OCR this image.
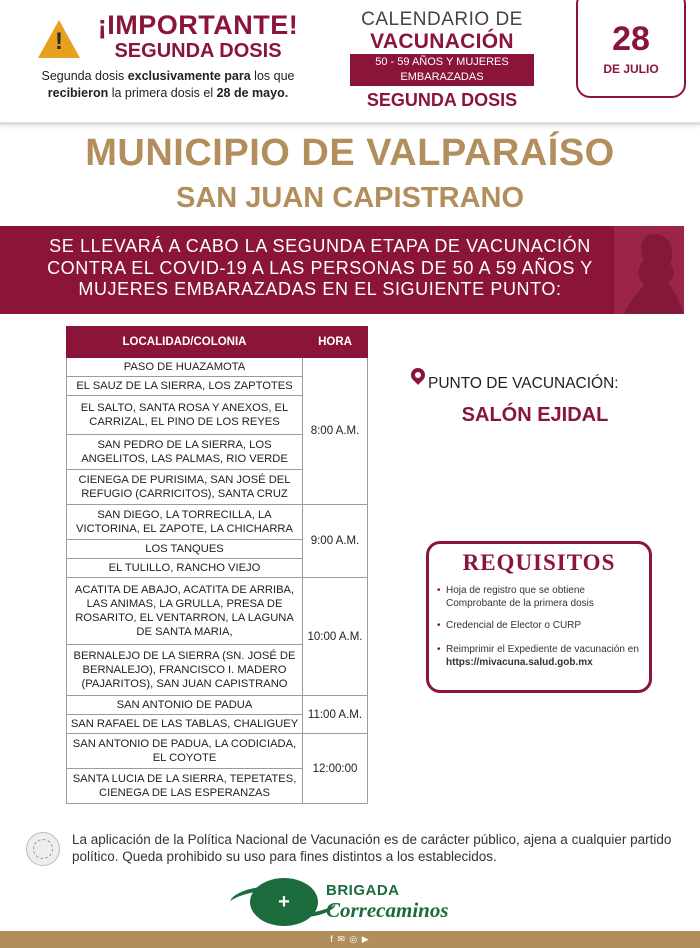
!
¡IMPORTANTE!
SEGUNDA DOSIS
Segunda dosis exclusivamente para los que
recibieron la primera dosis el 28 de mayo.
CALENDARIO DE
VACUNACIÓN
50 - 59 AÑOS Y MUJERES EMBARAZADAS
SEGUNDA DOSIS
28
DE JULIO
MUNICIPIO DE VALPARAÍSO
SAN JUAN CAPISTRANO
SE LLEVARÁ A CABO LA SEGUNDA ETAPA DE VACUNACIÓN CONTRA EL COVID-19 A LAS PERSONAS DE 50 A 59 AÑOS Y MUJERES EMBARAZADAS EN EL SIGUIENTE PUNTO:
LOCALIDAD/COLONIA	HORA
PASO DE HUAZAMOTA	8:00 A.M.
EL SAUZ DE LA SIERRA, LOS ZAPTOTES	
EL SALTO, SANTA ROSA Y ANEXOS, EL CARRIZAL, EL PINO DE LOS REYES	
SAN PEDRO DE LA SIERRA, LOS ANGELITOS, LAS PALMAS, RIO VERDE	
CIENEGA DE PURISIMA, SAN JOSÉ DEL REFUGIO (CARRICITOS), SANTA CRUZ	
SAN DIEGO, LA TORRECILLA, LA VICTORINA, EL ZAPOTE, LA CHICHARRA	9:00 A.M.
LOS TANQUES	
EL TULILLO, RANCHO VIEJO	
ACATITA DE ABAJO, ACATITA DE ARRIBA, LAS ANIMAS, LA GRULLA, PRESA DE ROSARITO, EL VENTARRON, LA LAGUNA DE SANTA MARIA,	10:00 A.M.
BERNALEJO DE LA SIERRA (SN. JOSÉ DE BERNALEJO), FRANCISCO I. MADERO (PAJARITOS), SAN JUAN CAPISTRANO	
SAN ANTONIO DE PADUA	11:00 A.M.
SAN RAFAEL DE LAS TABLAS, CHALIGUEY	
SAN ANTONIO DE PADUA, LA CODICIADA, EL COYOTE	12:00:00
SANTA LUCIA DE LA SIERRA, TEPETATES, CIENEGA DE LAS ESPERANZAS	
PUNTO DE VACUNACIÓN:
SALÓN EJIDAL
REQUISITOS
• Hoja de registro que se obtiene Comprobante de la primera dosis
• Credencial de Elector o CURP
• Reimprimir el Expediente de vacunación en
https://mivacuna.salud.gob.mx
La aplicación de la Política Nacional de Vacunación es de carácter público, ajena a cualquier partido político. Queda prohibido su uso para fines distintos a los establecidos.
+
BRIGADA
Correcaminos
f ✉ ◎ ▶
